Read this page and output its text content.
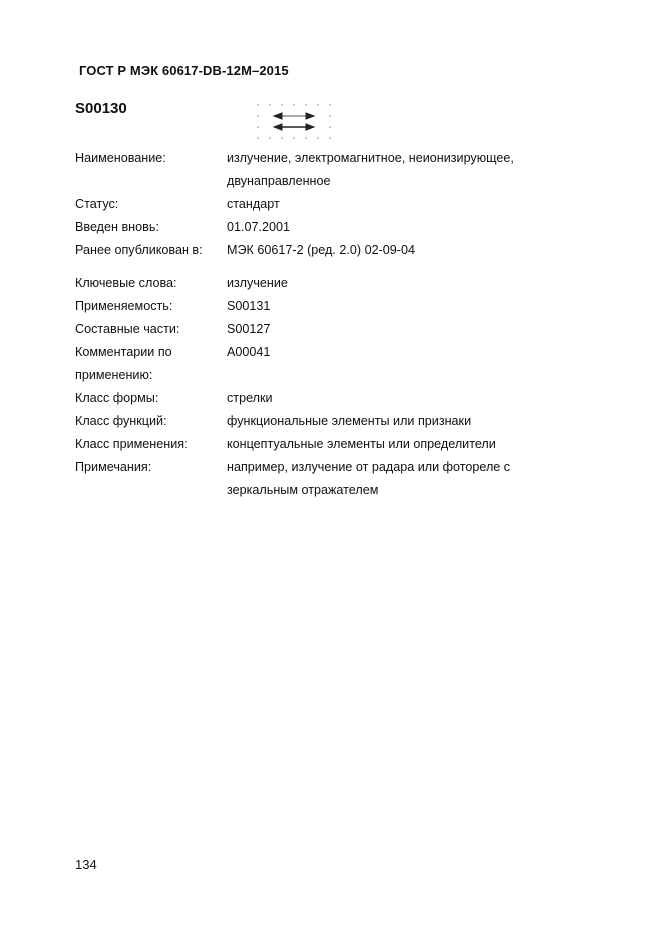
ГОСТ Р МЭК 60617-DB-12M–2015
S00130
Наименование:	излучение, электромагнитное, неионизирующее,
двунаправленное
Статус:	стандарт
Введен вновь:	01.07.2001
Ранее опубликован в:	МЭК 60617-2 (ред. 2.0) 02-09-04
Ключевые слова:	излучение
Применяемость:	S00131
Составные части:	S00127
Комментарии по	A00041
применению:
Класс формы:	стрелки
Класс функций:	функциональные элементы или признаки
Класс применения:	концептуальные элементы или определители
Примечания:	например, излучение от радара или фотореле с
зеркальным отражателем
134
